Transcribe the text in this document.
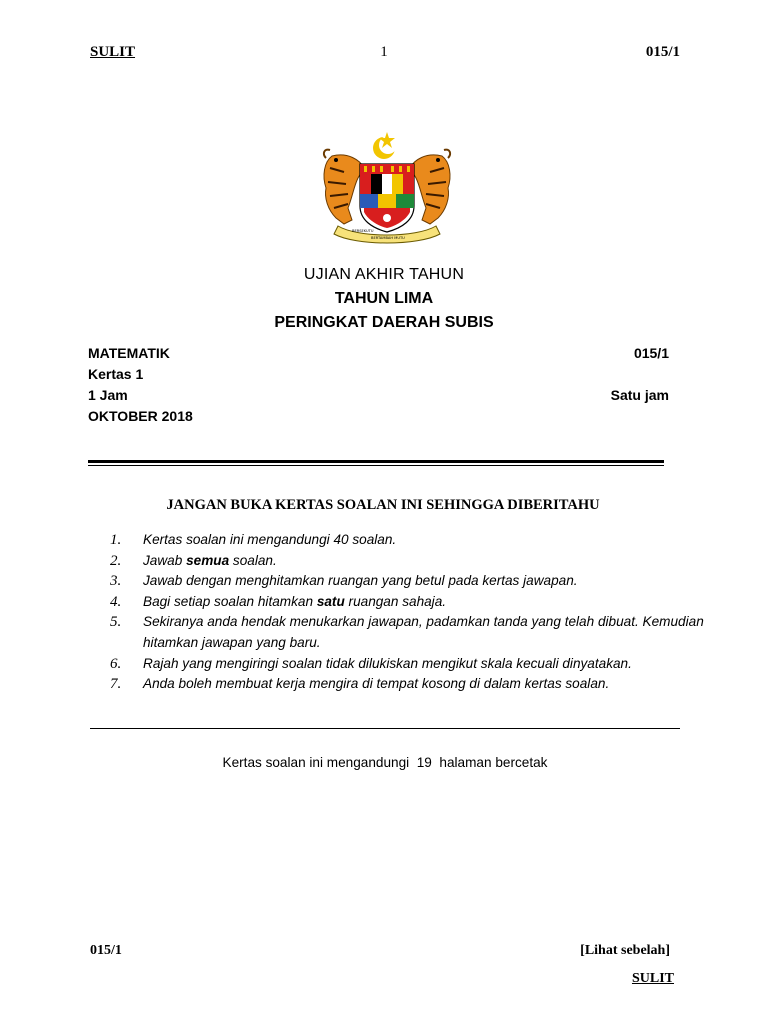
SULIT	1	015/1
BERSEKUTU
BERTAMBAH MUTU
UJIAN AKHIR TAHUN
TAHUN LIMA
PERINGKAT DAERAH SUBIS
MATEMATIK	015/1
Kertas 1
1 Jam	Satu jam
OKTOBER 2018
JANGAN BUKA KERTAS SOALAN INI SEHINGGA DIBERITAHU
1. Kertas soalan ini mengandungi 40 soalan.
2. Jawab semua soalan.
3. Jawab dengan menghitamkan ruangan yang betul pada kertas jawapan.
4. Bagi setiap soalan hitamkan satu ruangan sahaja.
5. Sekiranya anda hendak menukarkan jawapan, padamkan tanda yang telah dibuat. Kemudian hitamkan jawapan yang baru.
6. Rajah yang mengiringi soalan tidak dilukiskan mengikut skala kecuali dinyatakan.
7. Anda boleh membuat kerja mengira di tempat kosong di dalam kertas soalan.
Kertas soalan ini mengandungi  19  halaman bercetak
015/1	[Lihat sebelah]
SULIT
